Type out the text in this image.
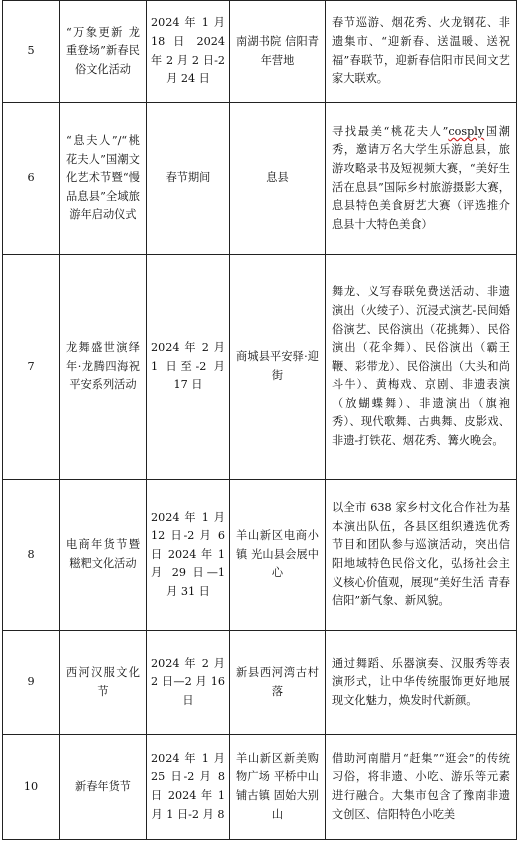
5	“万象更新 龙重登场”新春民俗文化活动	2024 年 1 月 18 日 2024 年 2 月 2 日-2 月 24 日	南湖书院 信阳青年营地	春节巡游、烟花秀、火龙钢花、非遗集市、“迎新春、送温暖、送祝福”春联节，迎新春信阳市民间文艺家大联欢。
6	“息夫人”/“桃花夫人”国潮文化艺术节暨“慢品息县”全域旅游年启动仪式	春节期间	息县	寻找最美“桃花夫人”cosply国潮秀，邀请万名大学生乐游息县，旅游攻略录书及短视频大赛，“美好生活在息县”国际乡村旅游摄影大赛，息县特色美食厨艺大赛（评选推介息县十大特色美食）
7	龙舞盛世演绎年·龙腾四海祝平安系列活动	2024 年 2 月 1 日至-2 月 17 日	商城县平安驿·迎街	舞龙、义写春联免费送活动、非遗演出（火绫子）、沉浸式演艺-民间婚俗演艺、民俗演出（花挑舞）、民俗演出（花伞舞）、民俗演出（霸王鞭、彩带龙）、民俗演出（大头和尚斗牛）、黄梅戏、京剧、非遗表演（放蝴蝶舞）、非遗演出（旗袍秀）、现代歌舞、古典舞、皮影戏、非遗-打铁花、烟花秀、篝火晚会。
8	电商年货节暨糍粑文化活动	2024 年 1 月 12 日-2 月 6 日 2024 年 1 月 29 日—1 月 31 日	羊山新区电商小镇 光山县会展中心	以全市 638 家乡村文化合作社为基本演出队伍，各县区组织遴选优秀节目和团队参与巡演活动，突出信阳地域特色民俗文化，弘扬社会主义核心价值观，展现“美好生活 青春信阳”新气象、新风貌。
9	西河汉服文化节	2024 年 2 月 2 日—2 月 16 日	新县西河湾古村落	通过舞蹈、乐器演奏、汉服秀等表演形式，让中华传统服饰更好地展现文化魅力，焕发时代新颜。
10	新春年货节	2024 年 1 月 25 日-2 月 8 日 2024 年 1 月 1 日-2 月 8	羊山新区新美购物广场 平桥中山铺古镇 固始大别山	借助河南腊月“赶集”“逛会”的传统习俗，将非遗、小吃、游乐等元素进行融合。大集市包含了豫南非遗文创区、信阳特色小吃美
